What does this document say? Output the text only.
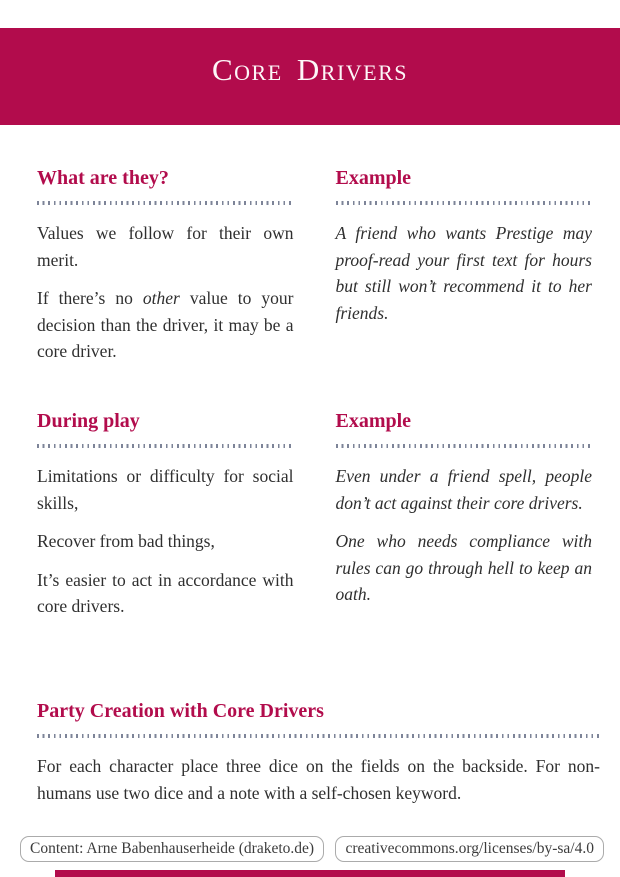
Core Drivers
What are they?

Values we follow for their own merit.

If there’s no other value to your decision than the driver, it may be a core driver.

Example

A friend who wants Prestige may proof-read your first text for hours but still won’t recommend it to her friends.

During play

Limitations or difficulty for social skills,

Recover from bad things,

It’s easier to act in accordance with core drivers.

Example

Even under a friend spell, people don’t act against their core drivers.

One who needs compliance with rules can go through hell to keep an oath.

Party Creation with Core Drivers

For each character place three dice on the fields on the backside. For non-humans use two dice and a note with a self-chosen keyword.

Content: Arne Babenhauserheide (draketo.de)	creativecommons.org/licenses/by-sa/4.0
